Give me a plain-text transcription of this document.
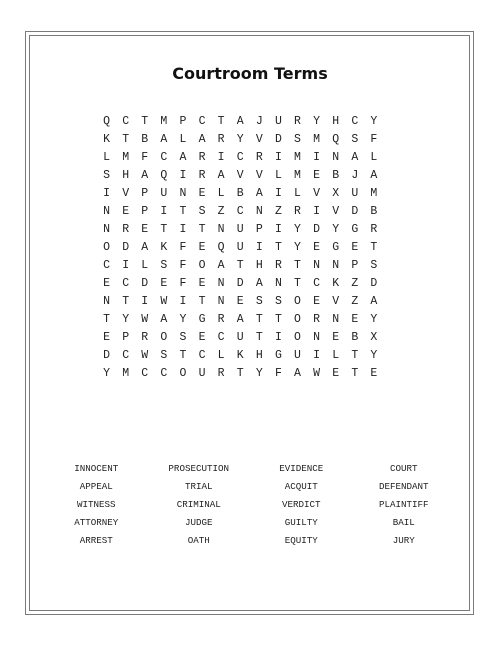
Courtroom Terms
Q	C	T	M	P	C	T	A	J	U	R	Y	H	C	Y
K	T	B	A	L	A	R	Y	V	D	S	M	Q	S	F
L	M	F	C	A	R	I	C	R	I	M	I	N	A	L
S	H	A	Q	I	R	A	V	V	L	M	E	B	J	A
I	V	P	U	N	E	L	B	A	I	L	V	X	U	M
N	E	P	I	T	S	Z	C	N	Z	R	I	V	D	B
N	R	E	T	I	T	N	U	P	I	Y	D	Y	G	R
O	D	A	K	F	E	Q	U	I	T	Y	E	G	E	T
C	I	L	S	F	O	A	T	H	R	T	N	N	P	S
E	C	D	E	F	E	N	D	A	N	T	C	K	Z	D
N	T	I	W	I	T	N	E	S	S	O	E	V	Z	A
T	Y	W	A	Y	G	R	A	T	T	O	R	N	E	Y
E	P	R	O	S	E	C	U	T	I	O	N	E	B	X
D	C	W	S	T	C	L	K	H	G	U	I	L	T	Y
Y	M	C	C	O	U	R	T	Y	F	A	W	E	T	E
INNOCENT	PROSECUTION	EVIDENCE	COURT
APPEAL	TRIAL	ACQUIT	DEFENDANT
WITNESS	CRIMINAL	VERDICT	PLAINTIFF
ATTORNEY	JUDGE	GUILTY	BAIL
ARREST	OATH	EQUITY	JURY
